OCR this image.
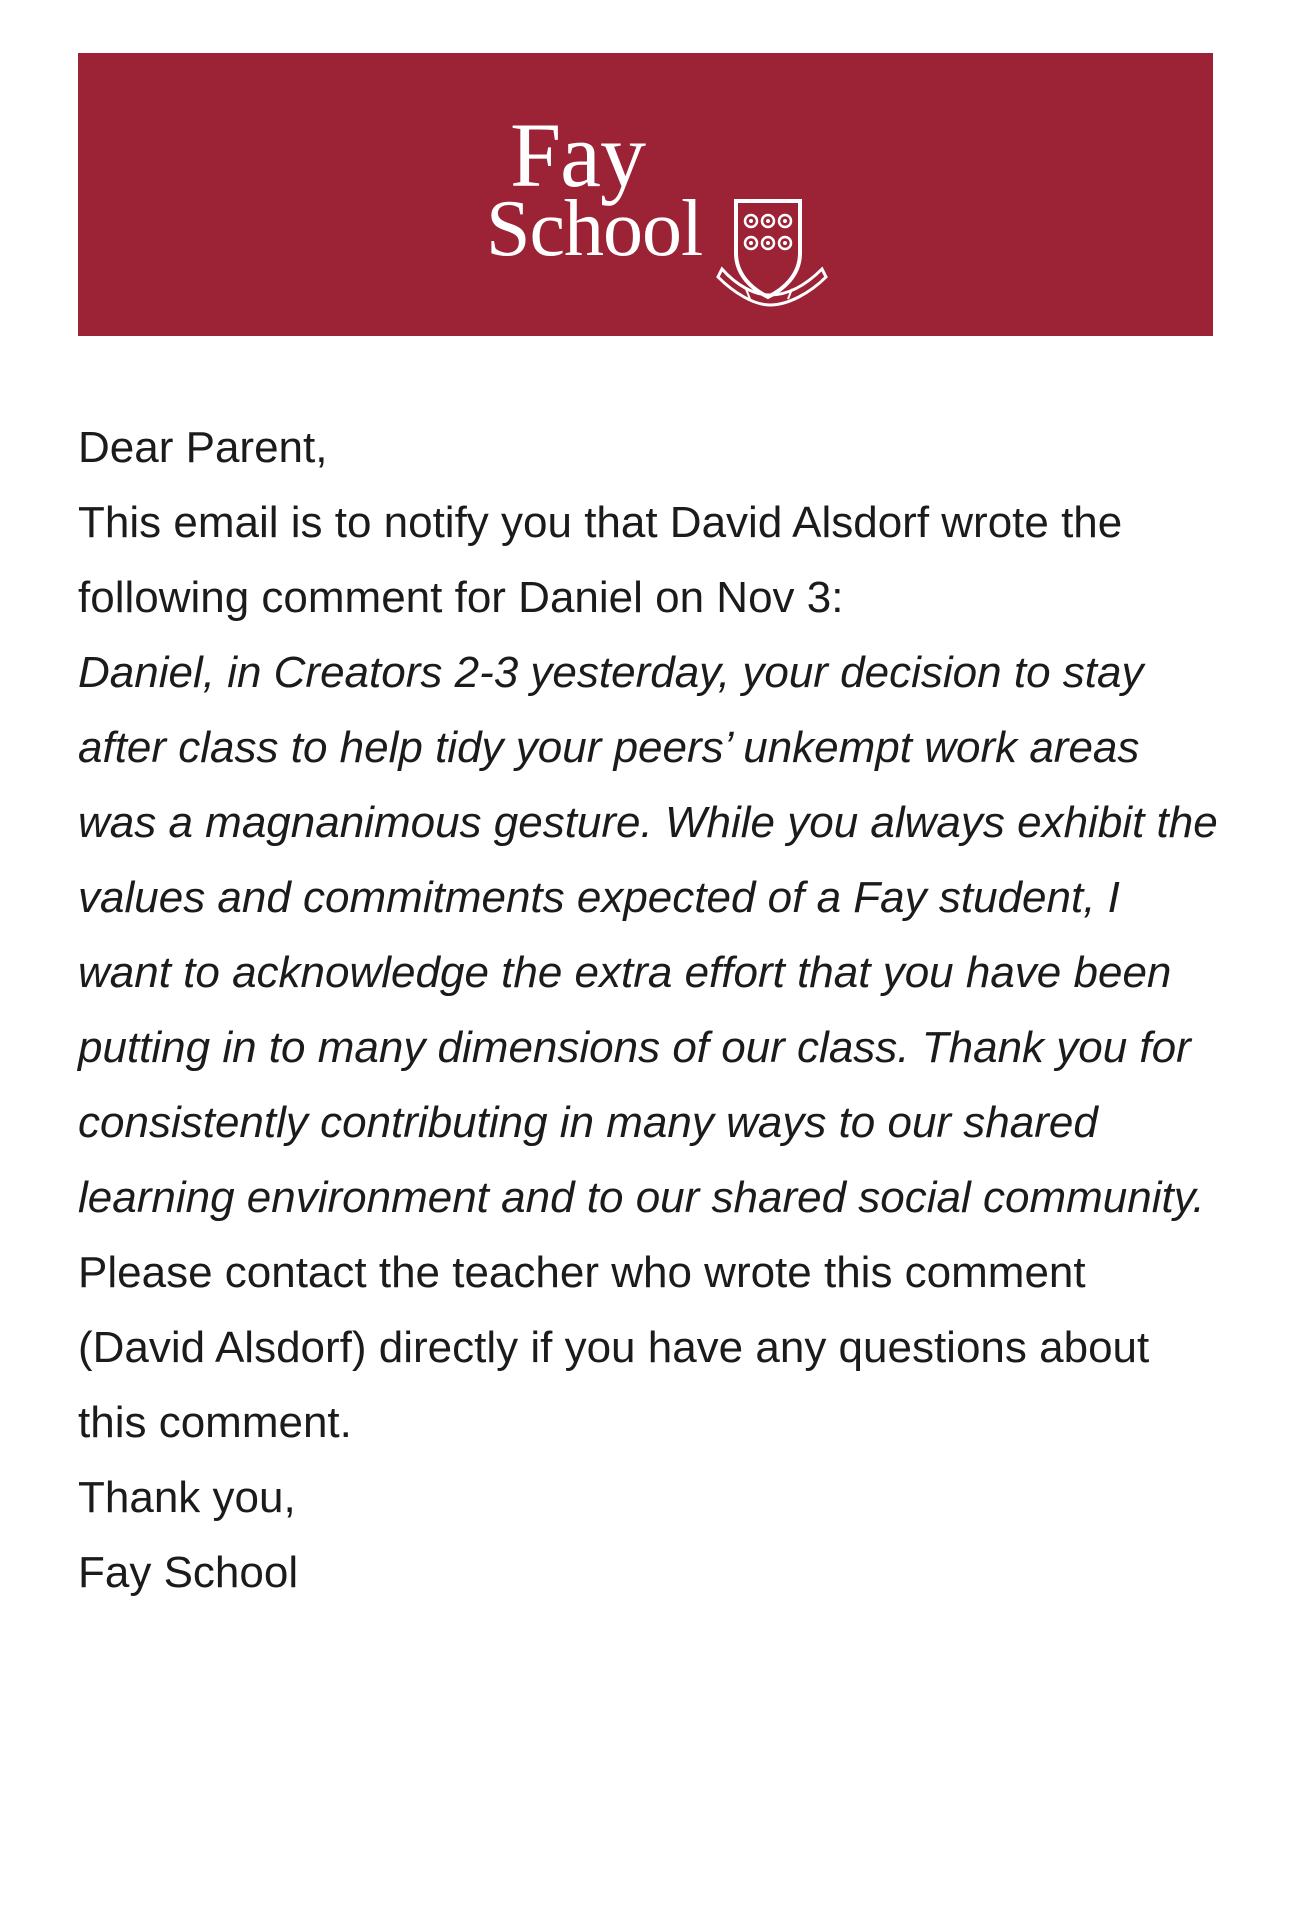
Fay
School

Dear Parent,

This email is to notify you that David Alsdorf wrote the following comment for Daniel on Nov 3:

Daniel, in Creators 2-3 yesterday, your decision to stay after class to help tidy your peers’ unkempt work areas was a magnanimous gesture. While you always exhibit the values and commitments expected of a Fay student, I want to acknowledge the extra effort that you have been putting in to many dimensions of our class. Thank you for consistently contributing in many ways to our shared learning environment and to our shared social community.

Please contact the teacher who wrote this comment (David Alsdorf) directly if you have any questions about this comment.

Thank you,
Fay School
